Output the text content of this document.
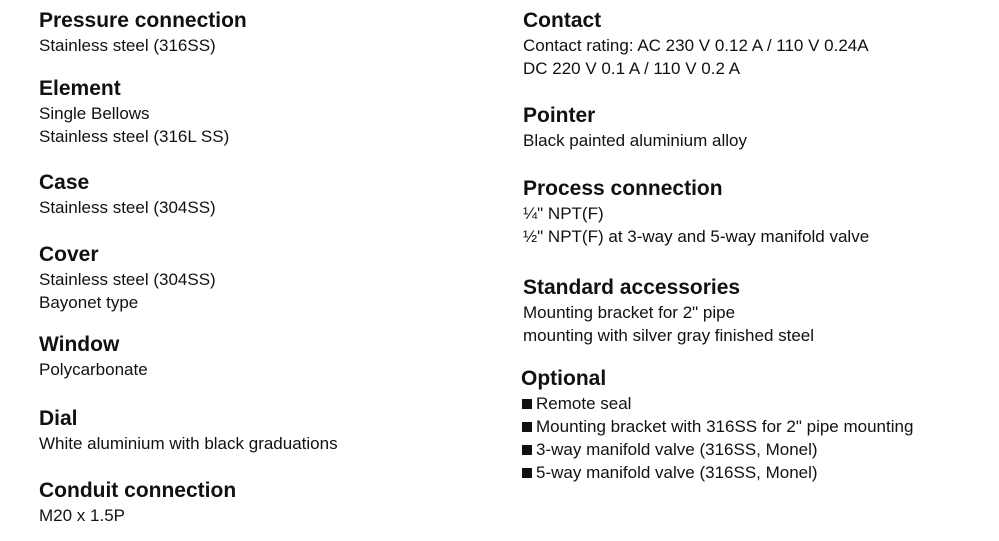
Pressure connection

Stainless steel (316SS)

Element

Single Bellows

Stainless steel (316L SS)

Case

Stainless steel (304SS)

Cover

Stainless steel (304SS)

Bayonet type

Window

Polycarbonate

Dial

White aluminium with black graduations

Conduit connection

M20 x 1.5P

Contact

Contact rating: AC 230 V 0.12 A / 110 V 0.24A

DC 220 V 0.1 A / 110 V 0.2 A

Pointer

Black painted aluminium alloy

Process connection

¼" NPT(F)

½" NPT(F) at 3-way and 5-way manifold valve

Standard accessories

Mounting bracket for 2" pipe

mounting with silver gray finished steel

Optional

Remote seal

Mounting bracket with 316SS for 2" pipe mounting

3-way manifold valve (316SS, Monel)

5-way manifold valve (316SS, Monel)
